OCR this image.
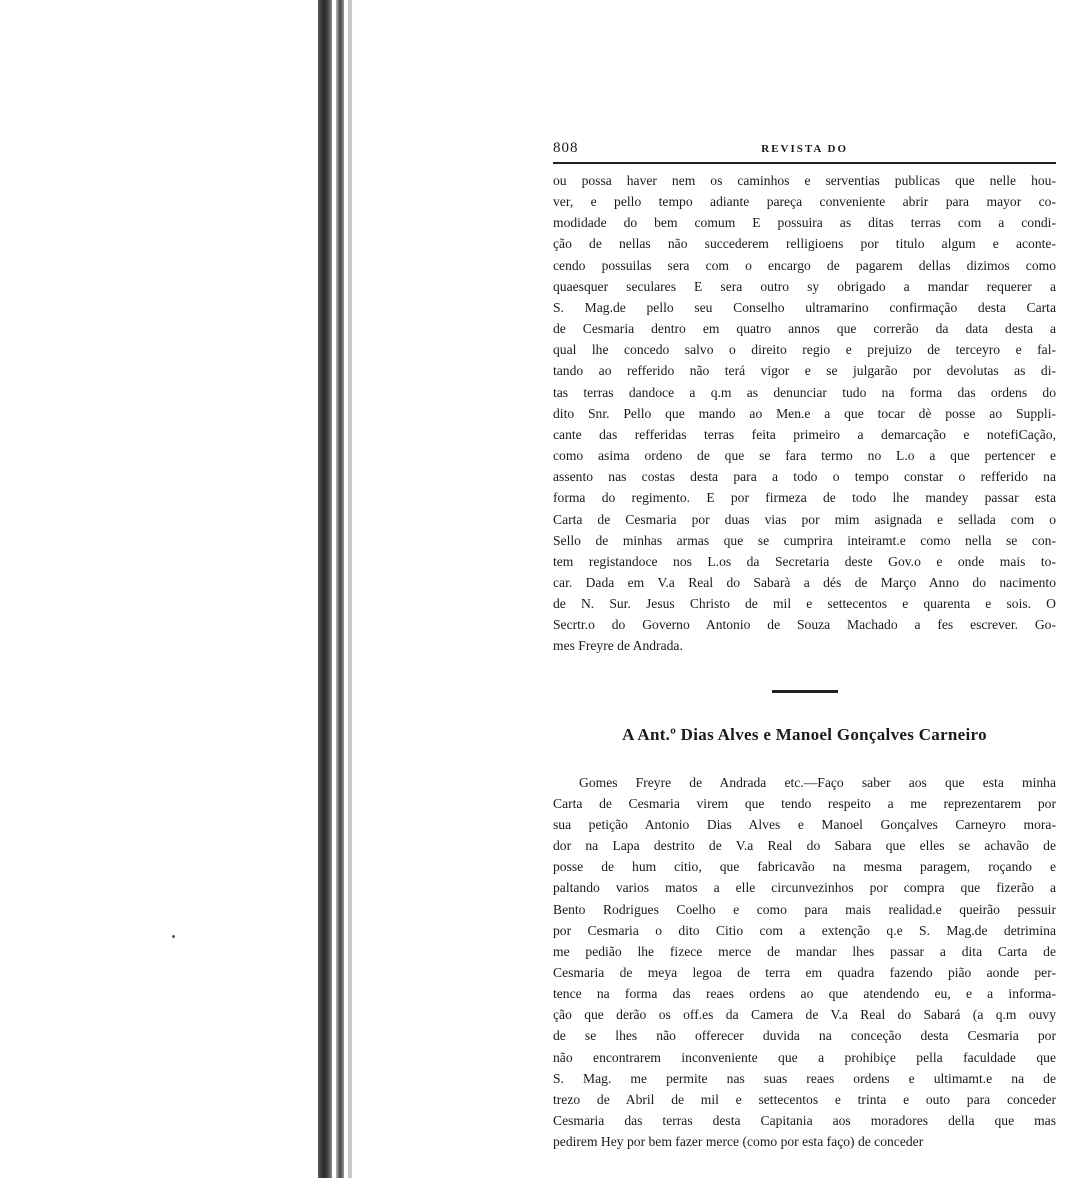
808	REVISTA DO
ou possa haver nem os caminhos e serventias publicas que nelle hou-
ver, e pello tempo adiante pareça conveniente abrir para mayor co-
modidade do bem comum E possuira as ditas terras com a condi-
ção de nellas não succederem relligioens por titulo algum e aconte-
cendo possuilas sera com o encargo de pagarem dellas dizimos como
quaesquer seculares E sera outro sy obrigado a mandar requerer a
S. Mag.de pello seu Conselho ultramarino confirmação desta Carta
de Cesmaria dentro em quatro annos que correrão da data desta a
qual lhe concedo salvo o direito regio e prejuizo de terceyro e fal-
tando ao refferido não terá vigor e se julgarão por devolutas as di-
tas terras dandoce a q.m as denunciar tudo na forma das ordens do
dito Snr. Pello que mando ao Men.e a que tocar dè posse ao Suppli-
cante das refferidas terras feita primeiro a demarcação e notefiCação,
como asima ordeno de que se fara termo no L.o a que pertencer e
assento nas costas desta para a todo o tempo constar o refferido na
forma do regimento. E por firmeza de todo lhe mandey passar esta
Carta de Cesmaria por duas vias por mim asignada e sellada com o
Sello de minhas armas que se cumprira inteiramt.e como nella se con-
tem registandoce nos L.os da Secretaria deste Gov.o e onde mais to-
car. Dada em V.a Real do Sabarà a dés de Março Anno do nacimento
de N. Sur. Jesus Christo de mil e settecentos e quarenta e sois. O
Secrtr.o do Governo Antonio de Souza Machado a fes escrever. Go-
mes Freyre de Andrada.
A Ant.º Dias Alves e Manoel Gonçalves Carneiro
Gomes Freyre de Andrada etc.—Faço saber aos que esta minha
Carta de Cesmaria virem que tendo respeito a me reprezentarem por
sua petição Antonio Dias Alves e Manoel Gonçalves Carneyro mora-
dor na Lapa destrito de V.a Real do Sabara que elles se achavão de
posse de hum citio, que fabricavão na mesma paragem, roçando e
paltando varios matos a elle circunvezinhos por compra que fizerão a
Bento Rodrigues Coelho e como para mais realidad.e queirão pessuir
por Cesmaria o dito Citio com a extenção q.e S. Mag.de detrimina
me pedião lhe fizece merce de mandar lhes passar a dita Carta de
Cesmaria de meya legoa de terra em quadra fazendo pião aonde per-
tence na forma das reaes ordens ao que atendendo eu, e a informa-
ção que derão os off.es da Camera de V.a Real do Sabará (a q.m ouvy
de se lhes não offerecer duvida na conceção desta Cesmaria por
não encontrarem inconveniente que a prohibiçe pella faculdade que
S. Mag. me permite nas suas reaes ordens e ultimamt.e na de
trezo de Abril de mil e settecentos e trinta e outo para conceder
Cesmaria das terras desta Capitania aos moradores della que mas
pedirem Hey por bem fazer merce (como por esta faço) de conceder
